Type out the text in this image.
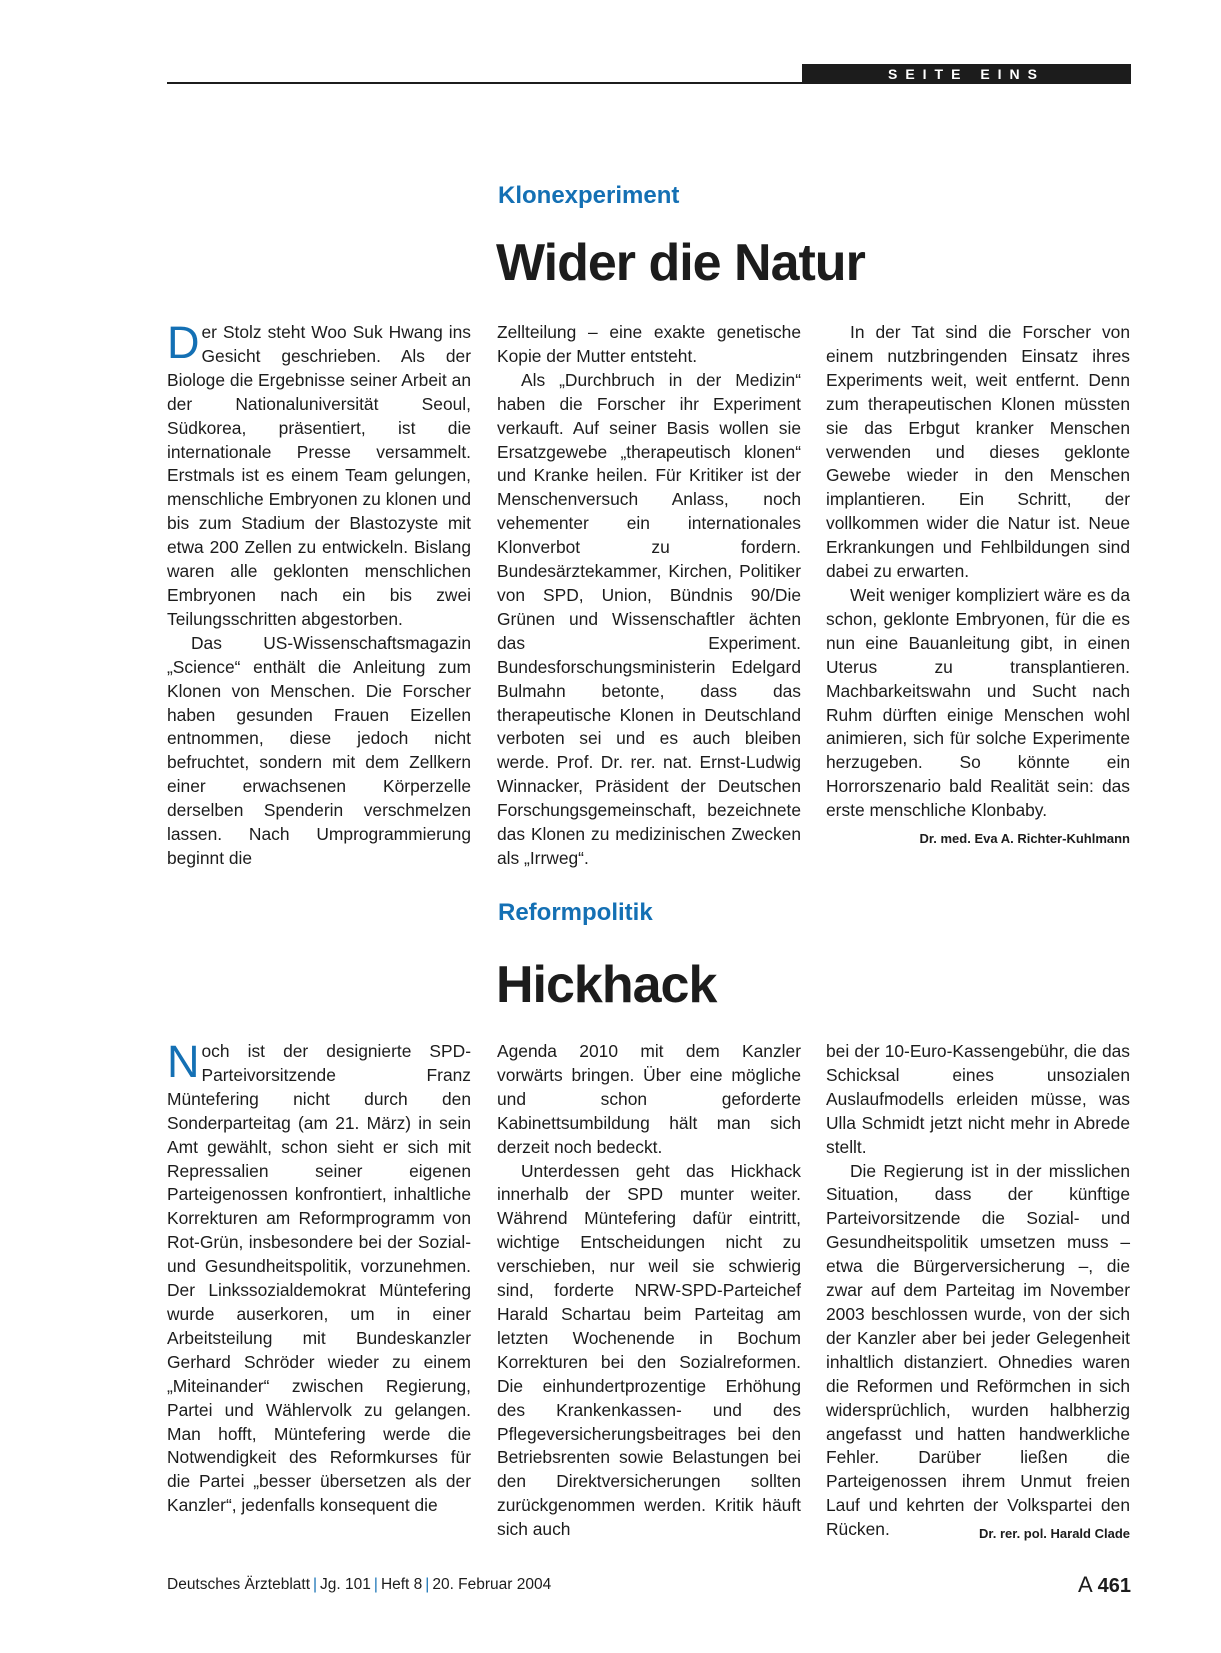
SEITE EINS
Klonexperiment
Wider die Natur

Der Stolz steht Woo Suk Hwang ins Gesicht geschrieben. Als der Biologe die Ergebnisse seiner Arbeit an der Nationaluniversität Seoul, Südkorea, präsentiert, ist die internationale Presse versammelt. Erstmals ist es einem Team gelungen, menschliche Embryonen zu klonen und bis zum Stadium der Blastozyste mit etwa 200 Zellen zu entwickeln. Bislang waren alle geklonten menschlichen Embryonen nach ein bis zwei Teilungsschritten abgestorben.

Das US-Wissenschaftsmagazin „Science“ enthält die Anleitung zum Klonen von Menschen. Die Forscher haben gesunden Frauen Eizellen entnommen, diese jedoch nicht befruchtet, sondern mit dem Zellkern einer erwachsenen Körperzelle derselben Spenderin verschmelzen lassen. Nach Umprogrammierung beginnt die

Zellteilung – eine exakte genetische Kopie der Mutter entsteht.

Als „Durchbruch in der Medizin“ haben die Forscher ihr Experiment verkauft. Auf seiner Basis wollen sie Ersatzgewebe „therapeutisch klonen“ und Kranke heilen. Für Kritiker ist der Menschenversuch Anlass, noch vehementer ein internationales Klonverbot zu fordern. Bundesärztekammer, Kirchen, Politiker von SPD, Union, Bündnis 90/Die Grünen und Wissenschaftler ächten das Experiment. Bundesforschungsministerin Edelgard Bulmahn betonte, dass das therapeutische Klonen in Deutschland verboten sei und es auch bleiben werde. Prof. Dr. rer. nat. Ernst-Ludwig Winnacker, Präsident der Deutschen Forschungsgemeinschaft, bezeichnete das Klonen zu medizinischen Zwecken als „Irrweg“.

In der Tat sind die Forscher von einem nutzbringenden Einsatz ihres Experiments weit, weit entfernt. Denn zum therapeutischen Klonen müssten sie das Erbgut kranker Menschen verwenden und dieses geklonte Gewebe wieder in den Menschen implantieren. Ein Schritt, der vollkommen wider die Natur ist. Neue Erkrankungen und Fehlbildungen sind dabei zu erwarten.

Weit weniger kompliziert wäre es da schon, geklonte Embryonen, für die es nun eine Bauanleitung gibt, in einen Uterus zu transplantieren. Machbarkeitswahn und Sucht nach Ruhm dürften einige Menschen wohl animieren, sich für solche Experimente herzugeben. So könnte ein Horrorszenario bald Realität sein: das erste menschliche Klonbaby.
Dr. med. Eva A. Richter-Kuhlmann

Reformpolitik
Hickhack

Noch ist der designierte SPD-Parteivorsitzende Franz Müntefering nicht durch den Sonderparteitag (am 21. März) in sein Amt gewählt, schon sieht er sich mit Repressalien seiner eigenen Parteigenossen konfrontiert, inhaltliche Korrekturen am Reformprogramm von Rot-Grün, insbesondere bei der Sozial- und Gesundheitspolitik, vorzunehmen. Der Linkssozialdemokrat Müntefering wurde auserkoren, um in einer Arbeitsteilung mit Bundeskanzler Gerhard Schröder wieder zu einem „Miteinander“ zwischen Regierung, Partei und Wählervolk zu gelangen. Man hofft, Müntefering werde die Notwendigkeit des Reformkurses für die Partei „besser übersetzen als der Kanzler“, jedenfalls konsequent die

Agenda 2010 mit dem Kanzler vorwärts bringen. Über eine mögliche und schon geforderte Kabinettsumbildung hält man sich derzeit noch bedeckt.

Unterdessen geht das Hickhack innerhalb der SPD munter weiter. Während Müntefering dafür eintritt, wichtige Entscheidungen nicht zu verschieben, nur weil sie schwierig sind, forderte NRW-SPD-Parteichef Harald Schartau beim Parteitag am letzten Wochenende in Bochum Korrekturen bei den Sozialreformen. Die einhundertprozentige Erhöhung des Krankenkassen- und des Pflegeversicherungsbeitrages bei den Betriebsrenten sowie Belastungen bei den Direktversicherungen sollten zurückgenommen werden. Kritik häuft sich auch

bei der 10-Euro-Kassengebühr, die das Schicksal eines unsozialen Auslaufmodells erleiden müsse, was Ulla Schmidt jetzt nicht mehr in Abrede stellt.

Die Regierung ist in der misslichen Situation, dass der künftige Parteivorsitzende die Sozial- und Gesundheitspolitik umsetzen muss – etwa die Bürgerversicherung –, die zwar auf dem Parteitag im November 2003 beschlossen wurde, von der sich der Kanzler aber bei jeder Gelegenheit inhaltlich distanziert. Ohnedies waren die Reformen und Reförmchen in sich widersprüchlich, wurden halbherzig angefasst und hatten handwerkliche Fehler. Darüber ließen die Parteigenossen ihrem Unmut freien Lauf und kehrten der Volkspartei den Rücken.	Dr. rer. pol. Harald Clade

Deutsches Ärzteblatt | Jg. 101 | Heft 8 | 20. Februar 2004	A 461
